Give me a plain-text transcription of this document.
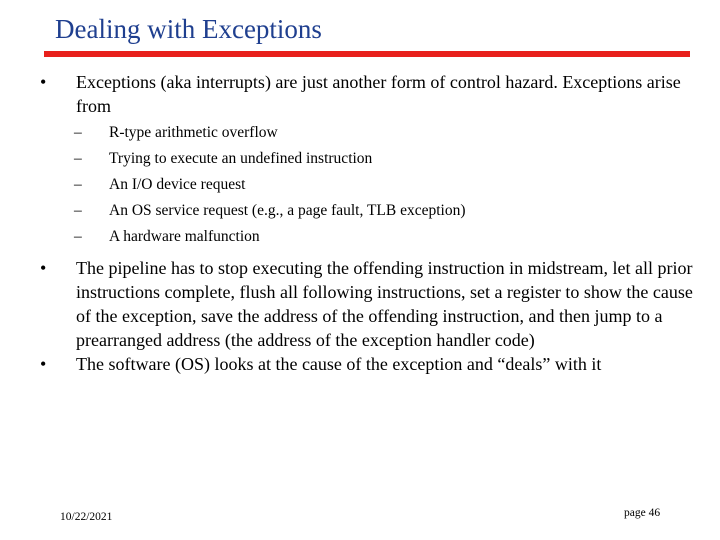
Dealing with Exceptions
• Exceptions (aka interrupts) are just another form of control hazard. Exceptions arise from
– R-type arithmetic overflow
– Trying to execute an undefined instruction
– An I/O device request
– An OS service request (e.g., a page fault, TLB exception)
– A hardware malfunction
• The pipeline has to stop executing the offending instruction in midstream, let all prior instructions complete, flush all following instructions, set a register to show the cause of the exception, save the address of the offending instruction, and then jump to a prearranged address (the address of the exception handler code)
• The software (OS) looks at the cause of the exception and “deals” with it
10/22/2021	page 46
